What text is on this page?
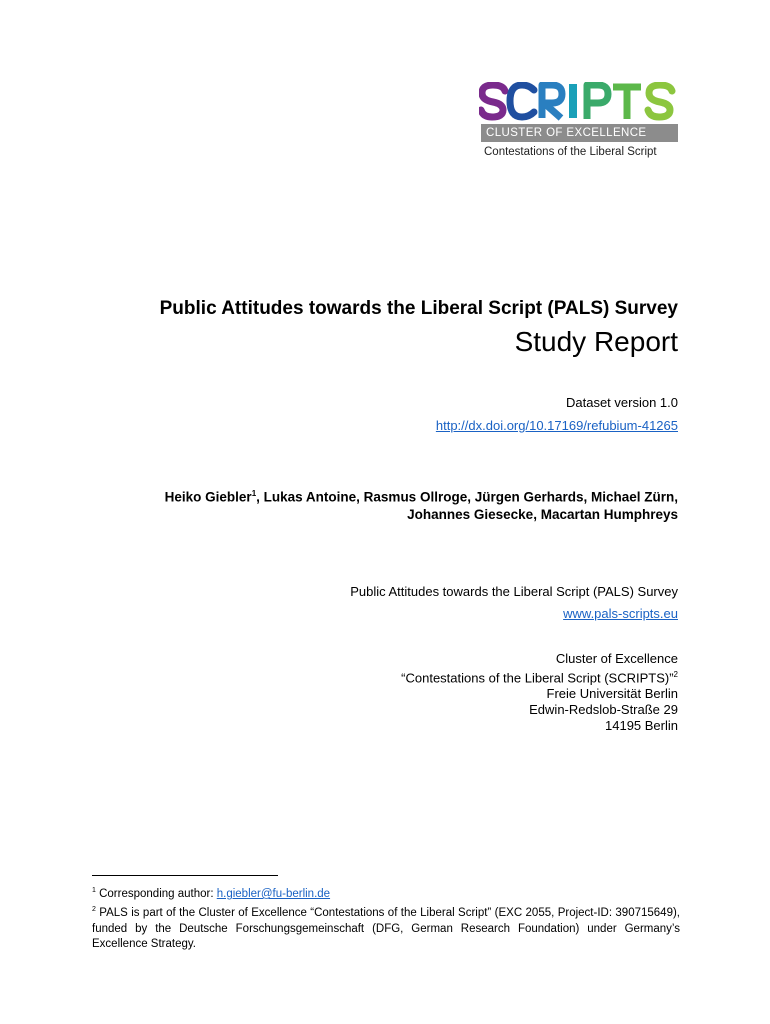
CLUSTER OF EXCELLENCE
Contestations of the Liberal Script
Public Attitudes towards the Liberal Script (PALS) Survey
Study Report
Dataset version 1.0
http://dx.doi.org/10.17169/refubium-41265
Heiko Giebler$^1$, Lukas Antoine, Rasmus Ollroge, Jürgen Gerhards, Michael Zürn,
Johannes Giesecke, Macartan Humphreys
Public Attitudes towards the Liberal Script (PALS) Survey
www.pals-scripts.eu
Cluster of Excellence
“Contestations of the Liberal Script (SCRIPTS)”$^2$
Freie Universität Berlin
Edwin-Redslob-Straße 29
14195 Berlin
$^1$ Corresponding author: h.giebler@fu-berlin.de
$^2$ PALS is part of the Cluster of Excellence “Contestations of the Liberal Script” (EXC 2055, Project-ID: 390715649), funded by the Deutsche Forschungsgemeinschaft (DFG, German Research Foundation) under Germany’s Excellence Strategy.
